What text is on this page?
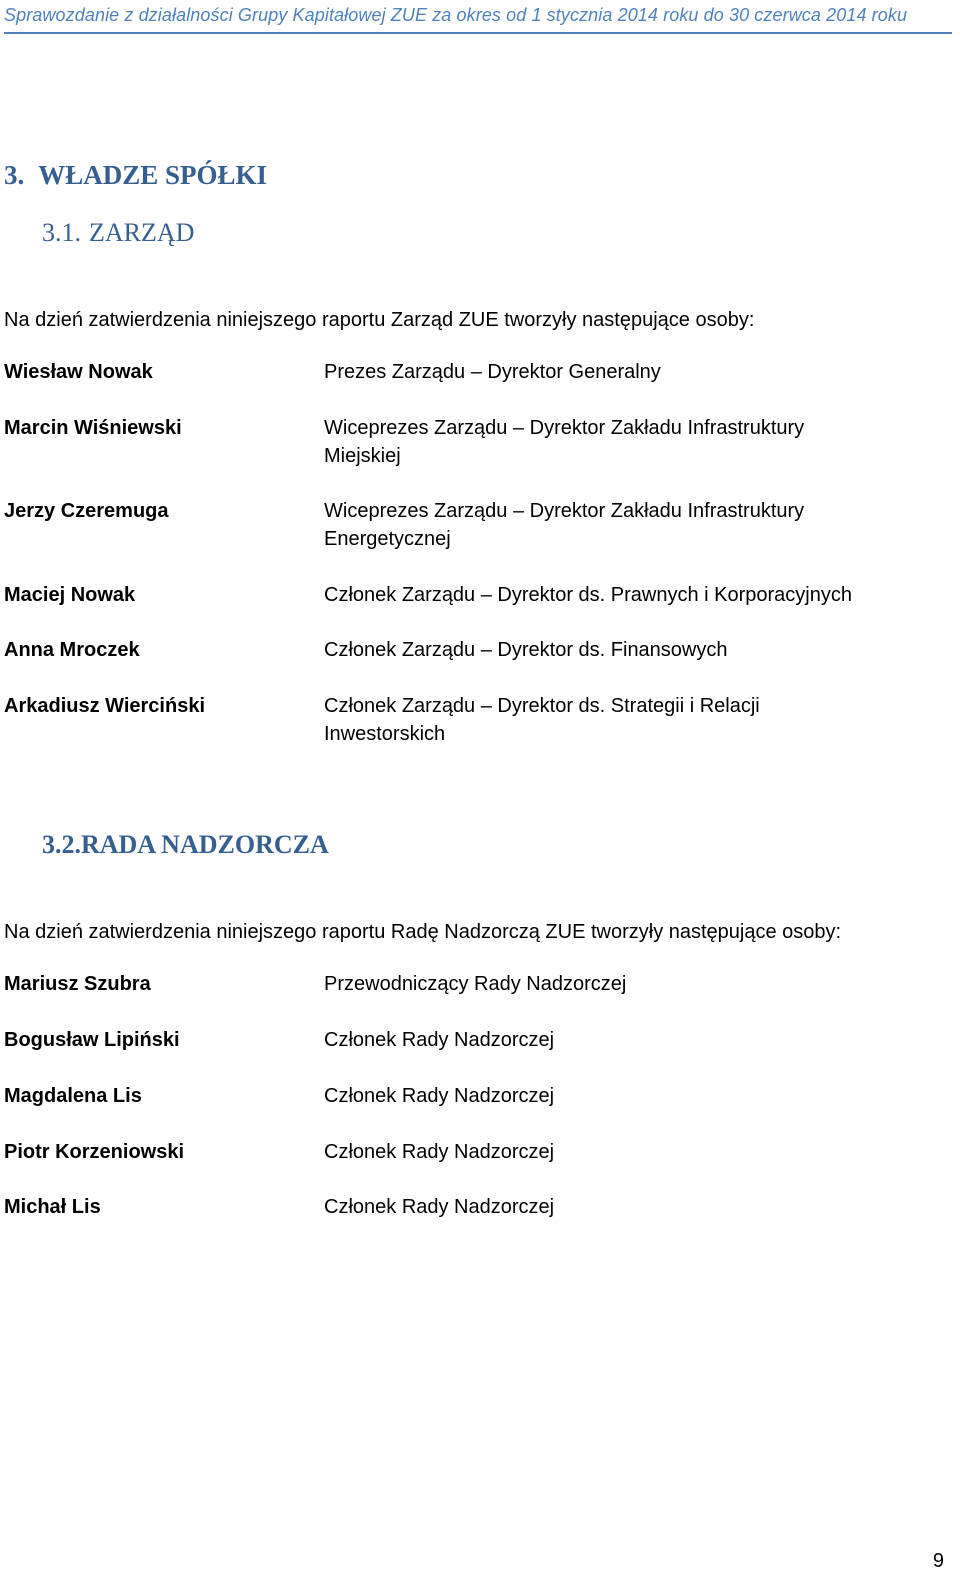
Sprawozdanie z działalności Grupy Kapitałowej ZUE za okres od 1 stycznia 2014 roku do 30 czerwca 2014 roku
3. WŁADZE SPÓŁKI
3.1. ZARZĄD
Na dzień zatwierdzenia niniejszego raportu Zarząd ZUE tworzyły następujące osoby:
Wiesław Nowak	Prezes Zarządu – Dyrektor Generalny
Marcin Wiśniewski	Wiceprezes Zarządu – Dyrektor Zakładu Infrastruktury Miejskiej
Jerzy Czeremuga	Wiceprezes Zarządu – Dyrektor Zakładu Infrastruktury Energetycznej
Maciej Nowak	Członek Zarządu – Dyrektor ds. Prawnych i Korporacyjnych
Anna Mroczek	Członek Zarządu – Dyrektor ds. Finansowych
Arkadiusz Wierciński	Członek Zarządu – Dyrektor ds. Strategii i Relacji Inwestorskich
3.2.RADA NADZORCZA
Na dzień zatwierdzenia niniejszego raportu Radę Nadzorczą ZUE tworzyły następujące osoby:
Mariusz Szubra	Przewodniczący Rady Nadzorczej
Bogusław Lipiński	Członek Rady Nadzorczej
Magdalena Lis	Członek Rady Nadzorczej
Piotr Korzeniowski	Członek Rady Nadzorczej
Michał Lis	Członek Rady Nadzorczej
9
